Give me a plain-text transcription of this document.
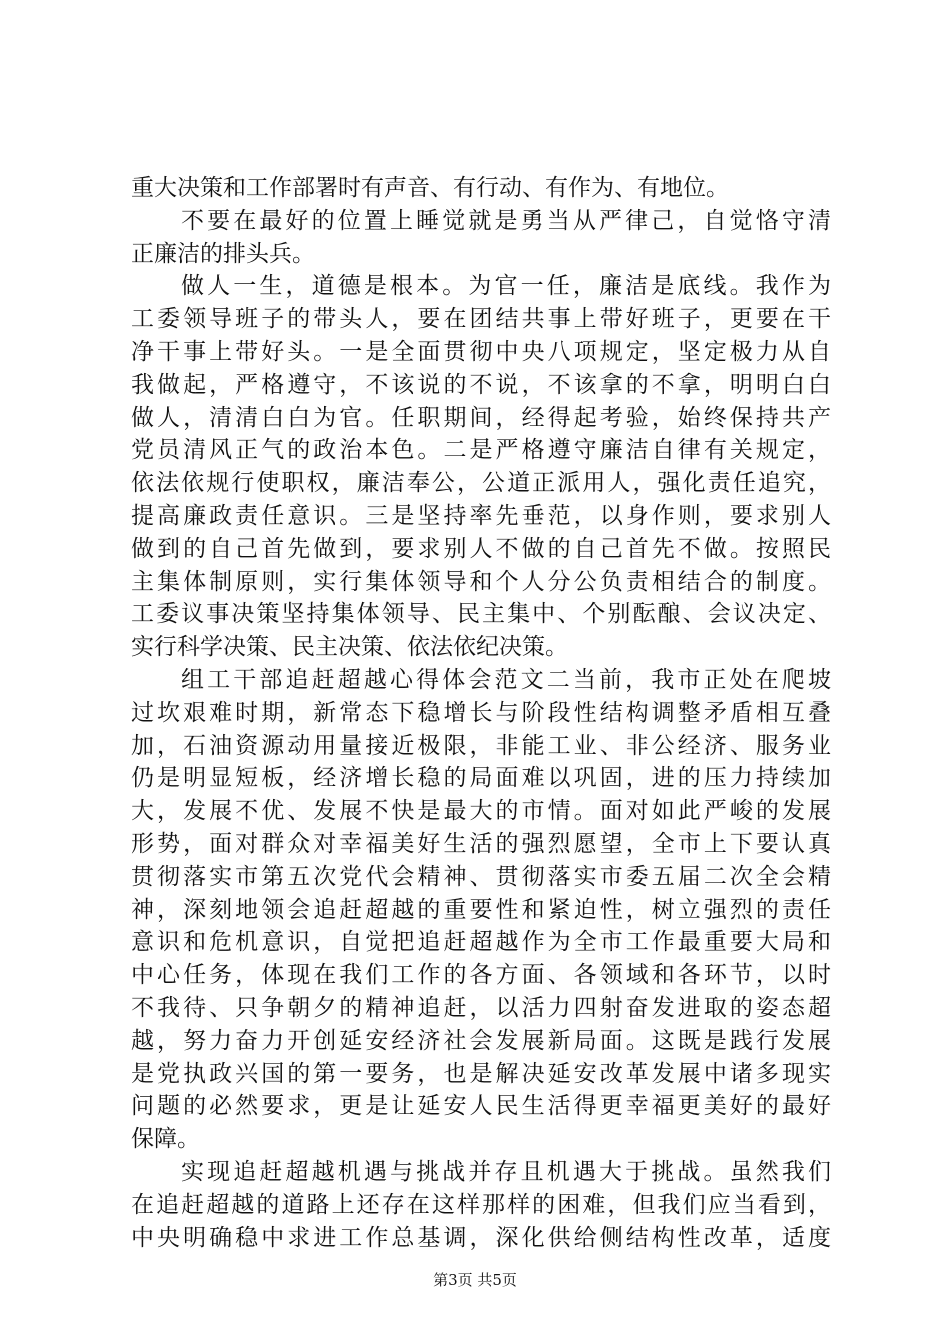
重大决策和工作部署时有声音、有行动、有作为、有地位。
不要在最好的位置上睡觉就是勇当从严律己，自觉恪守清
正廉洁的排头兵。
做人一生，道德是根本。为官一任，廉洁是底线。我作为
工委领导班子的带头人，要在团结共事上带好班子，更要在干
净干事上带好头。一是全面贯彻中央八项规定，坚定极力从自
我做起，严格遵守，不该说的不说，不该拿的不拿，明明白白
做人，清清白白为官。任职期间，经得起考验，始终保持共产
党员清风正气的政治本色。二是严格遵守廉洁自律有关规定，
依法依规行使职权，廉洁奉公，公道正派用人，强化责任追究，
提高廉政责任意识。三是坚持率先垂范，以身作则，要求别人
做到的自己首先做到，要求别人不做的自己首先不做。按照民
主集体制原则，实行集体领导和个人分公负责相结合的制度。
工委议事决策坚持集体领导、民主集中、个别酝酿、会议决定、
实行科学决策、民主决策、依法依纪决策。
组工干部追赶超越心得体会范文二当前，我市正处在爬坡
过坎艰难时期，新常态下稳增长与阶段性结构调整矛盾相互叠
加，石油资源动用量接近极限，非能工业、非公经济、服务业
仍是明显短板，经济增长稳的局面难以巩固，进的压力持续加
大，发展不优、发展不快是最大的市情。面对如此严峻的发展
形势，面对群众对幸福美好生活的强烈愿望，全市上下要认真
贯彻落实市第五次党代会精神、贯彻落实市委五届二次全会精
神，深刻地领会追赶超越的重要性和紧迫性，树立强烈的责任
意识和危机意识，自觉把追赶超越作为全市工作最重要大局和
中心任务，体现在我们工作的各方面、各领域和各环节，以时
不我待、只争朝夕的精神追赶，以活力四射奋发进取的姿态超
越，努力奋力开创延安经济社会发展新局面。这既是践行发展
是党执政兴国的第一要务，也是解决延安改革发展中诸多现实
问题的必然要求，更是让延安人民生活得更幸福更美好的最好
保障。
实现追赶超越机遇与挑战并存且机遇大于挑战。虽然我们
在追赶超越的道路上还存在这样那样的困难，但我们应当看到，
中央明确稳中求进工作总基调，深化供给侧结构性改革，适度
第3页 共5页
